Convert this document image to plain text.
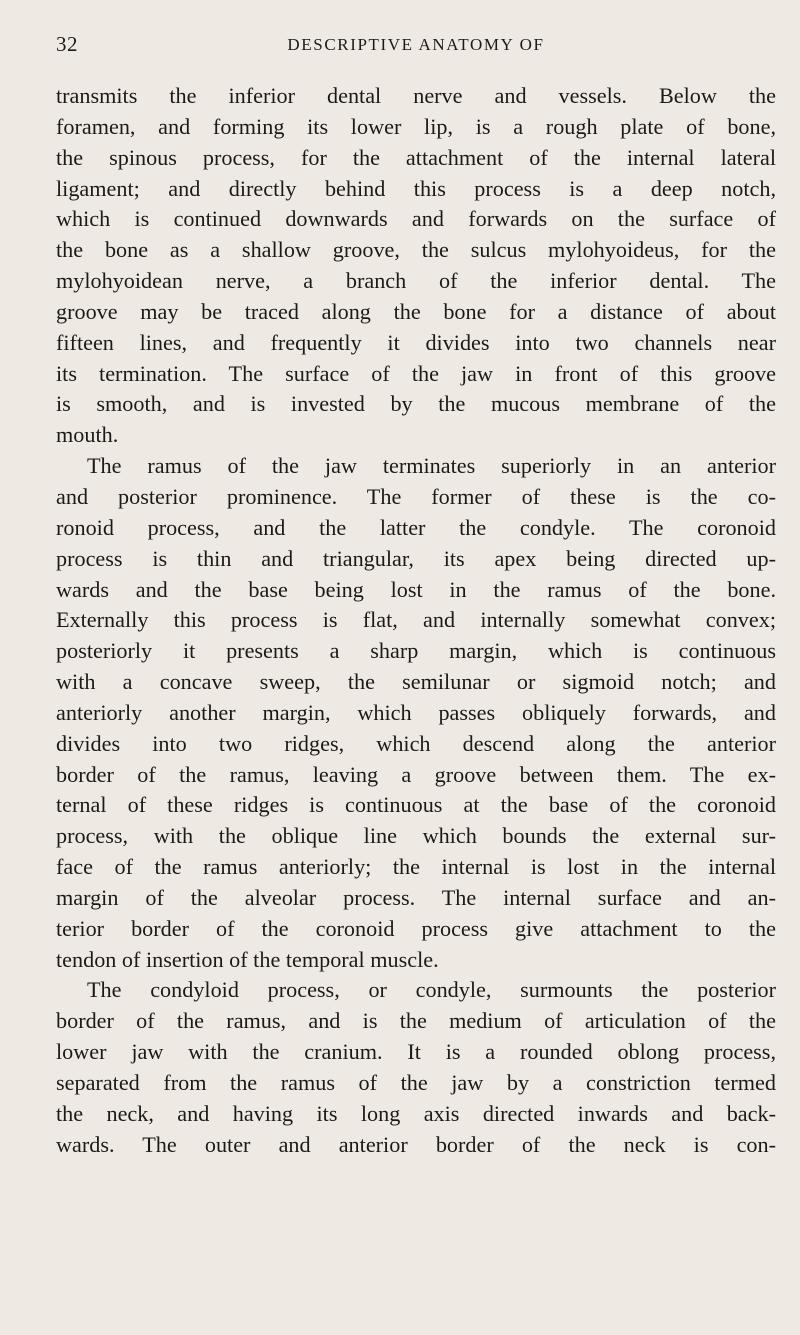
32	DESCRIPTIVE ANATOMY OF
transmits the inferior dental nerve and vessels. Below the
foramen, and forming its lower lip, is a rough plate of bone,
the spinous process, for the attachment of the internal lateral
ligament; and directly behind this process is a deep notch,
which is continued downwards and forwards on the surface of
the bone as a shallow groove, the sulcus mylohyoideus, for the
mylohyoidean nerve, a branch of the inferior dental. The
groove may be traced along the bone for a distance of about
fifteen lines, and frequently it divides into two channels near
its termination. The surface of the jaw in front of this groove
is smooth, and is invested by the mucous membrane of the
mouth.
The ramus of the jaw terminates superiorly in an anterior
and posterior prominence. The former of these is the co-
ronoid process, and the latter the condyle. The coronoid
process is thin and triangular, its apex being directed up-
wards and the base being lost in the ramus of the bone.
Externally this process is flat, and internally somewhat convex;
posteriorly it presents a sharp margin, which is continuous
with a concave sweep, the semilunar or sigmoid notch; and
anteriorly another margin, which passes obliquely forwards, and
divides into two ridges, which descend along the anterior
border of the ramus, leaving a groove between them. The ex-
ternal of these ridges is continuous at the base of the coronoid
process, with the oblique line which bounds the external sur-
face of the ramus anteriorly; the internal is lost in the internal
margin of the alveolar process. The internal surface and an-
terior border of the coronoid process give attachment to the
tendon of insertion of the temporal muscle.
The condyloid process, or condyle, surmounts the posterior
border of the ramus, and is the medium of articulation of the
lower jaw with the cranium. It is a rounded oblong process,
separated from the ramus of the jaw by a constriction termed
the neck, and having its long axis directed inwards and back-
wards. The outer and anterior border of the neck is con-
